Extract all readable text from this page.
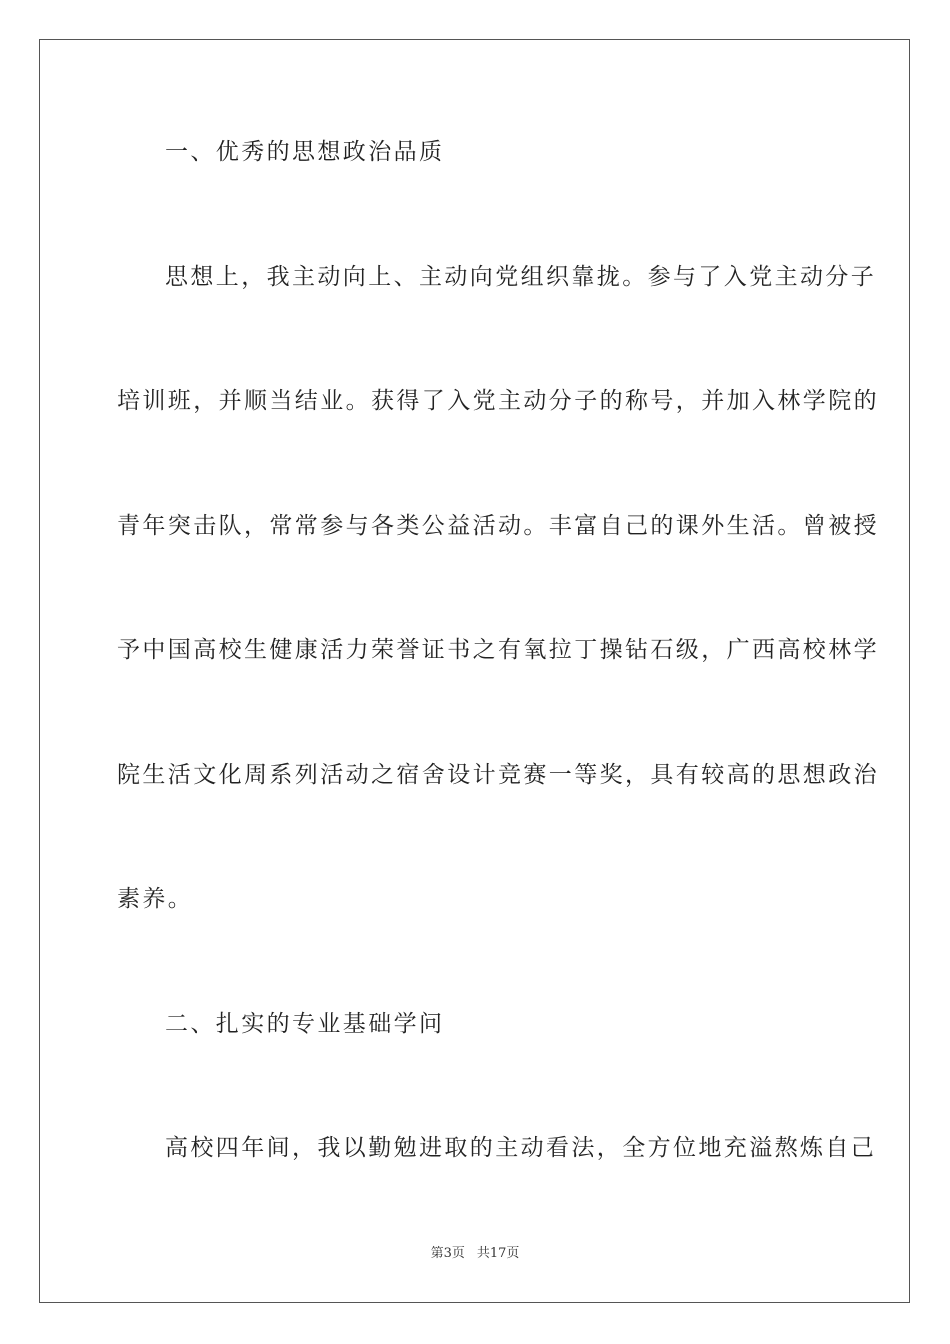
一、优秀的思想政治品质
思想上，我主动向上、主动向党组织靠拢。参与了入党主动分子
培训班，并顺当结业。获得了入党主动分子的称号，并加入林学院的
青年突击队，常常参与各类公益活动。丰富自己的课外生活。曾被授
予中国高校生健康活力荣誉证书之有氧拉丁操钻石级，广西高校林学
院生活文化周系列活动之宿舍设计竞赛一等奖，具有较高的思想政治
素养。
二、扎实的专业基础学问
高校四年间，我以勤勉进取的主动看法，全方位地充溢熬炼自己
第3页 共17页
